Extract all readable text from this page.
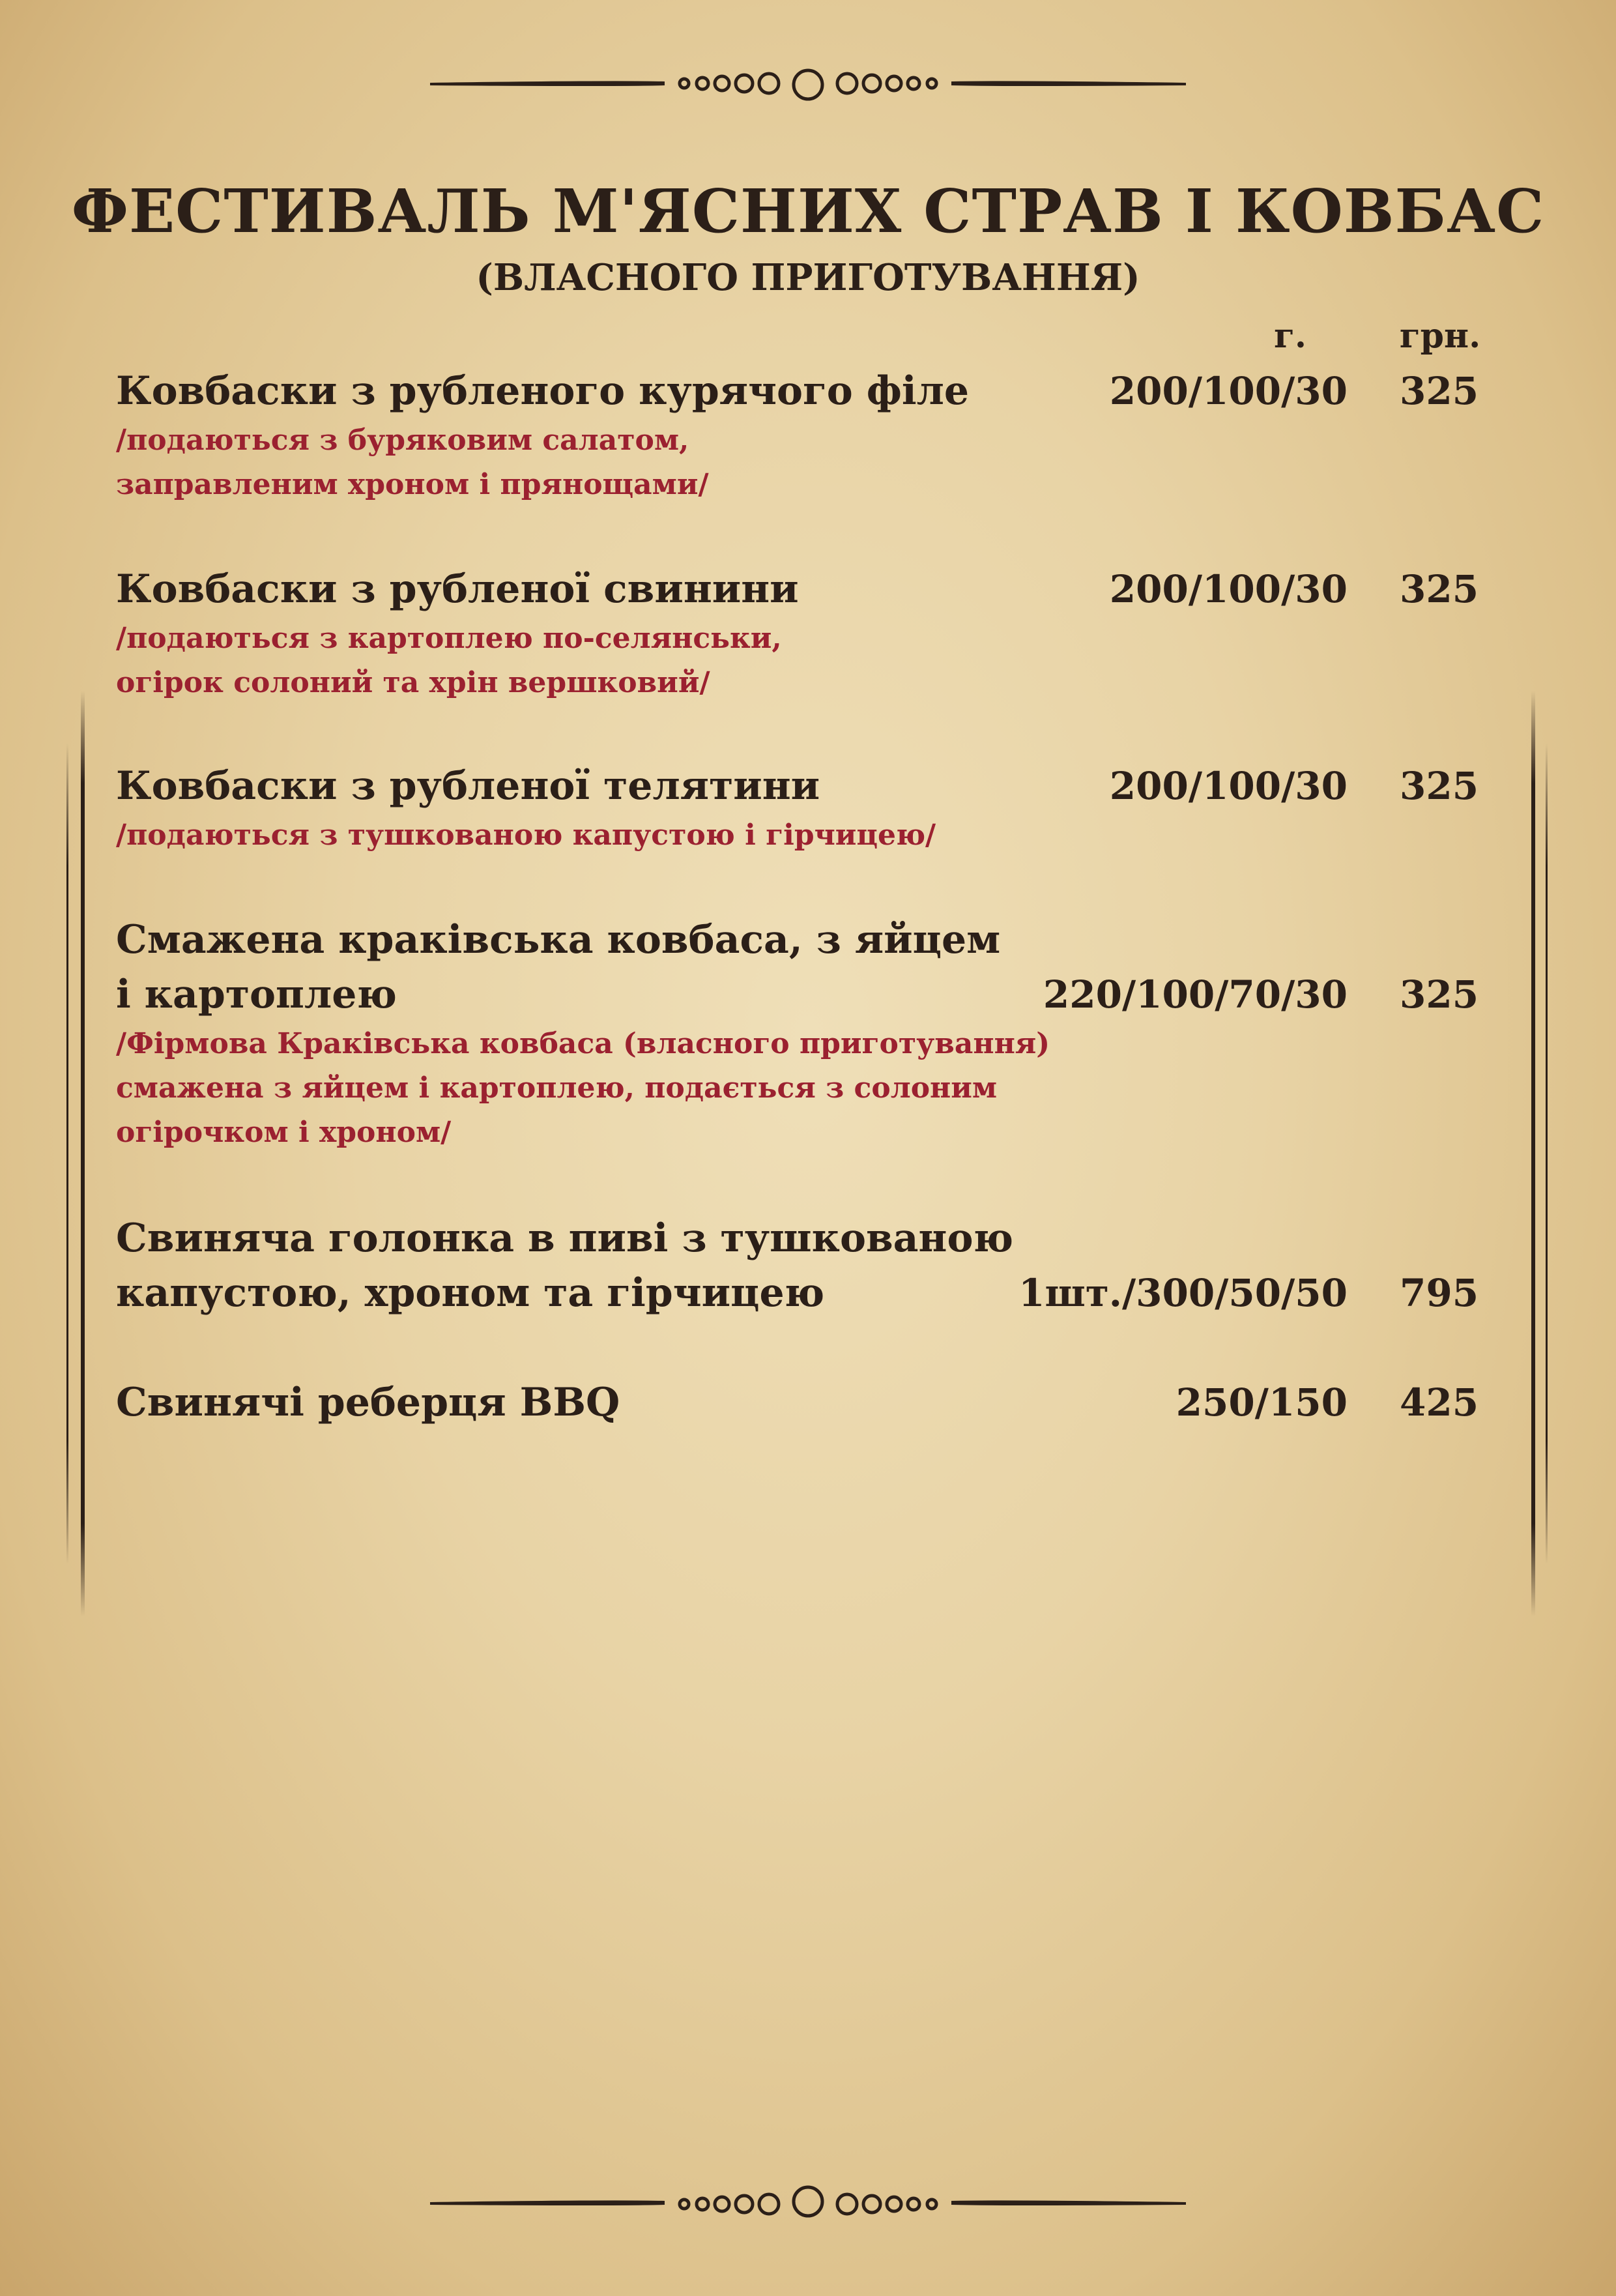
ФЕСТИВАЛЬ М'ЯСНИХ СТРАВ І КОВБАС
(ВЛАСНОГО ПРИГОТУВАННЯ)
г.	грн.
Ковбаски з рубленого курячого філе	200/100/30 325
/подаються з буряковим салатом,
заправленим хроном і прянощами/
Ковбаски з рубленої свинини	200/100/30 325
/подаються з картоплею по-селянськи,
огірок солоний та хрін вершковий/
Ковбаски з рубленої телятини	200/100/30 325
/подаються з тушкованою капустою і гірчицею/
Смажена краківська ковбаса, з яйцем
і картоплею	220/100/70/30 325
/Фірмова Краківська ковбаса (власного приготування)
смажена з яйцем і картоплею, подається з солоним
огірочком і хроном/
Свиняча голонка в пиві з тушкованою
капустою, хроном та гірчицею	1шт./300/50/50 795
Свинячі реберця BBQ	250/150 425
